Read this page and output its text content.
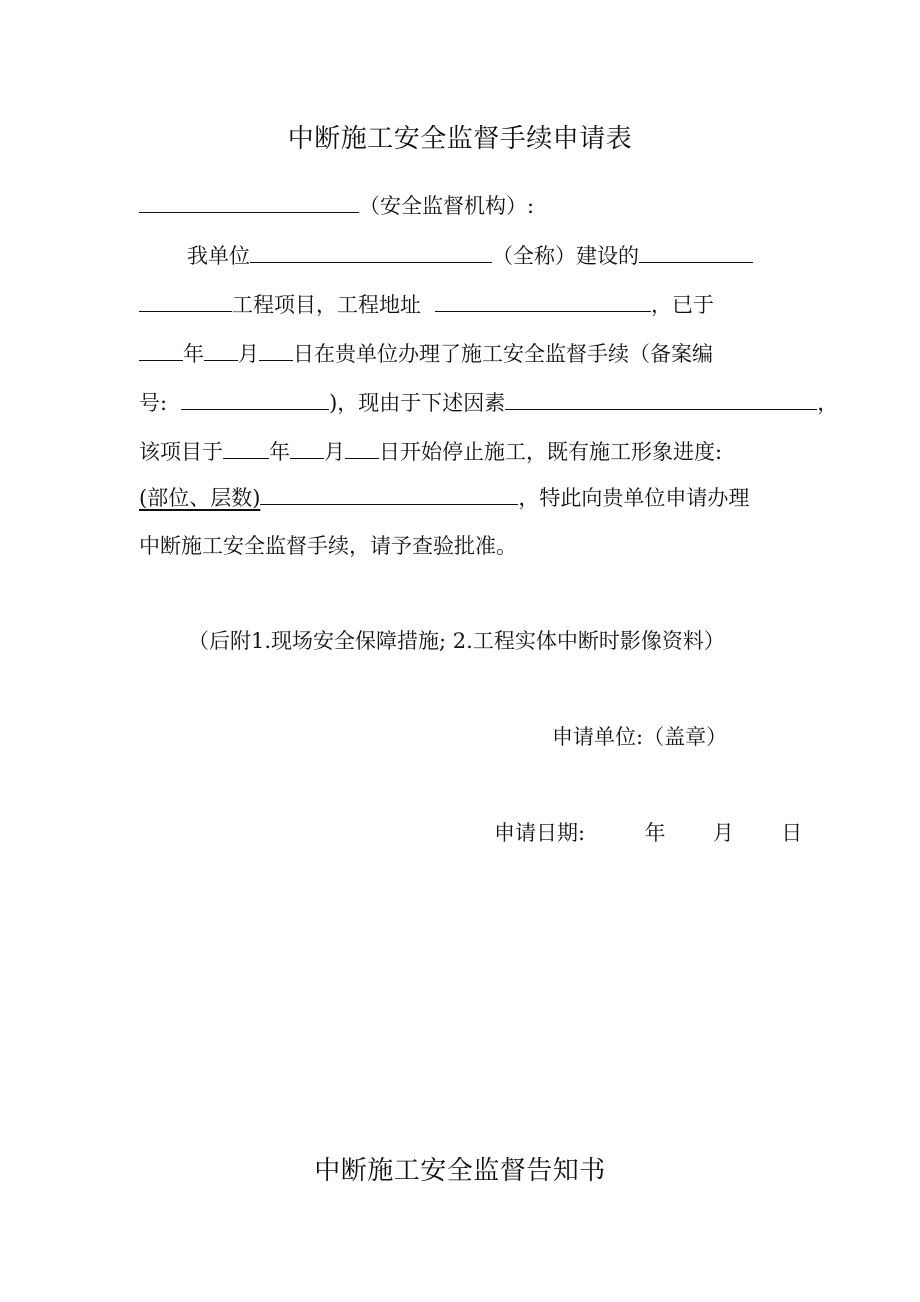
中断施工安全监督手续申请表
（安全监督机构）:
我单位	（全称）建设的
工程项目，工程地址	，已于
年 月 日在贵单位办理了施工安全监督手续（备案编
号:	)，现由于下述因素	，
该项目于 年 月 日开始停止施工，既有施工形象进度:
(部位、层数)	，特此向贵单位申请办理
中断施工安全监督手续，请予查验批准。
（后附1.现场安全保障措施; 2.工程实体中断时影像资料）
申请单位:（盖章）
申请日期:	年 月 日
中断施工安全监督告知书
